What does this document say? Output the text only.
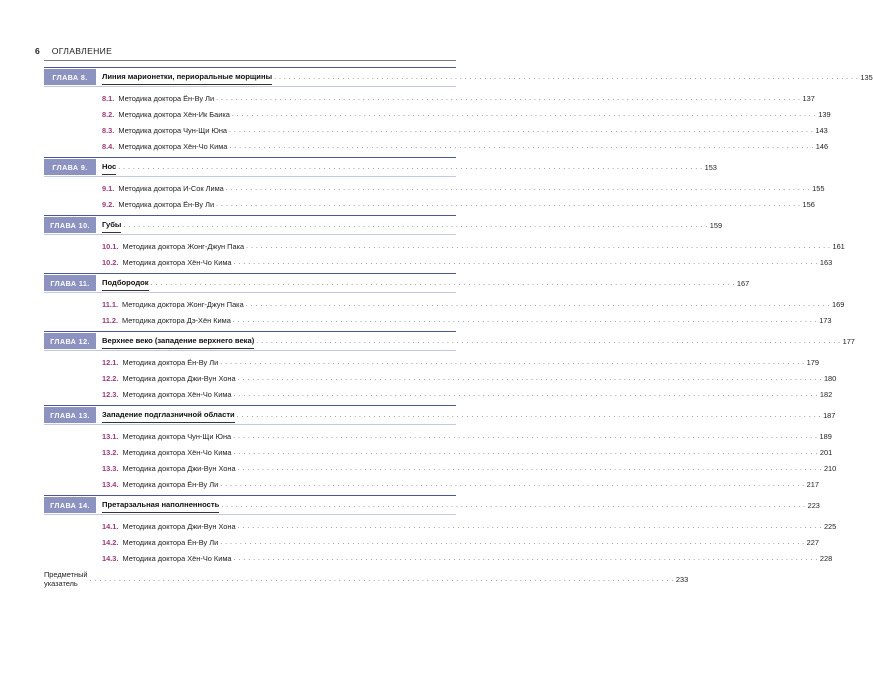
6 ОГЛАВЛЕНИЕ
ГЛАВА 8.	Линия марионетки, периоральные морщины . . .	135
8.1. Методика доктора Ён-Ву Ли . . .	137
8.2. Методика доктора Хён-Ик Баика . . .	139
8.3. Методика доктора Чун-Щи Юна . . .	143
8.4. Методика доктора Хён-Чо Кима . . .	146
ГЛАВА 9.	Нос . . .	153
9.1. Методика доктора И-Сок Лима . . .	155
9.2. Методика доктора Ён-Ву Ли . . .	156
ГЛАВА 10.	Губы . . .	159
10.1. Методика доктора Жонг-Джун Пака . . .	161
10.2. Методика доктора Хён-Чо Кима . . .	163
ГЛАВА 11.	Подбородок . . .	167
11.1. Методика доктора Жонг-Джун Пака . . .	169
11.2. Методика доктора Дэ-Хён Кима . . .	173
ГЛАВА 12.	Верхнее веко (западение верхнего века) . . .	177
12.1. Методика доктора Ён-Ву Ли . . .	179
12.2. Методика доктора Джи-Вун Хона . . .	180
12.3. Методика доктора Хён-Чо Кима . . .	182
ГЛАВА 13.	Западение подглазничной области . . .	187
13.1. Методика доктора Чун-Щи Юна . . .	189
13.2. Методика доктора Хён-Чо Кима . . .	201
13.3. Методика доктора Джи-Вун Хона . . .	210
13.4. Методика доктора Ён-Ву Ли . . .	217
ГЛАВА 14.	Претарзальная наполненность . . .	223
14.1. Методика доктора Джи-Вун Хона . . .	225
14.2. Методика доктора Ён-Ву Ли . . .	227
14.3. Методика доктора Хён-Чо Кима . . .	228
Предметный указатель . . .	233
